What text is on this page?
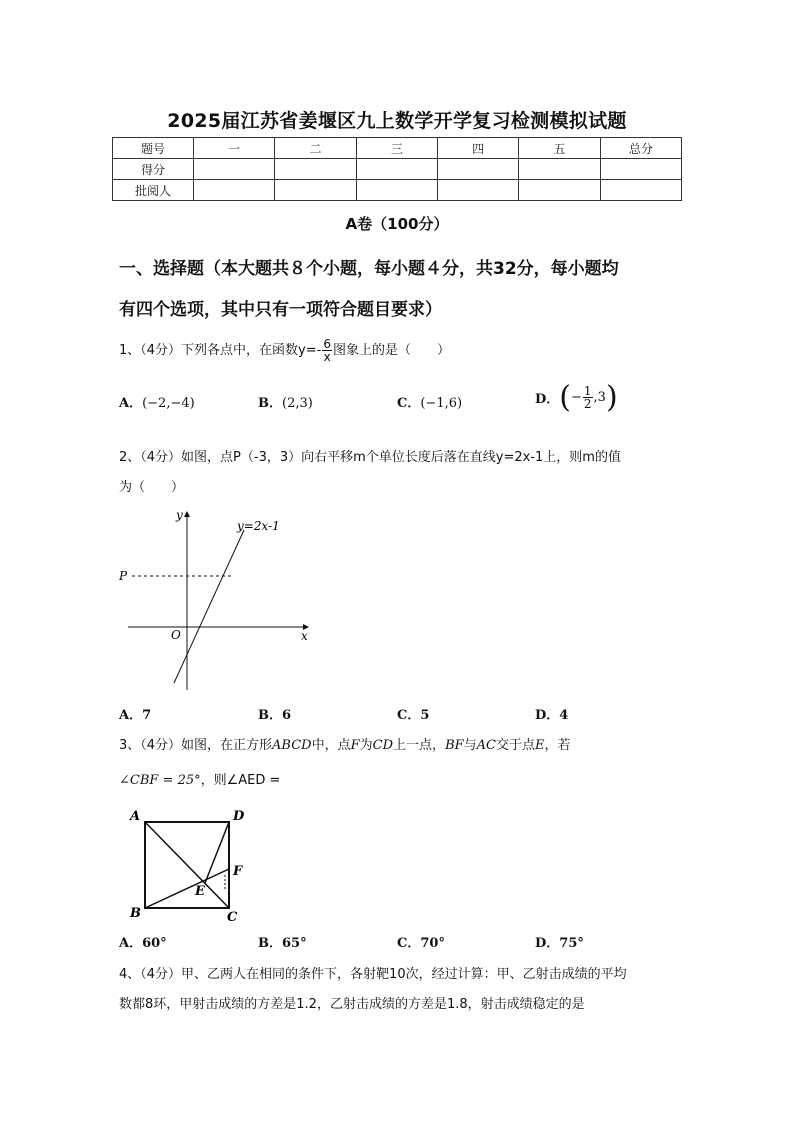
2025届江苏省姜堰区九上数学开学复习检测模拟试题
题号	一	二	三	四	五	总分
得分						
批阅人						
A卷（100分）
一、选择题（本大题共８个小题，每小题４分，共32分，每小题均
有四个选项，其中只有一项符合题目要求）
1、（4分）下列各点中，在函数$y=- \frac{6}{x}$ 图象上的是（　　）
A．(−2,−4)	B．(2,3)	C．(−1,6)	D． ( − $\frac{1}{2} ,3$ )
2、（4分）如图，点P（-3，3）向右平移m个单位长度后落在直线y=2x-1上，则m的值
为（　　）
y
x
O
P
y=2x-1
A．7	B．6	C．5	D．4
3、（4分）如图，在正方形ABCD中，点F为CD上一点，BF与AC交于点E，若
∠CBF = 25°，则∠AED =
A	D
B	C
F
E
A．60°	B．65°	C．70°	D．75°
4、（4分）甲、乙两人在相同的条件下，各射靶10次，经过计算：甲、乙射击成绩的平均
数都8环，甲射击成绩的方差是1.2，乙射击成绩的方差是1.8，射击成绩稳定的是
